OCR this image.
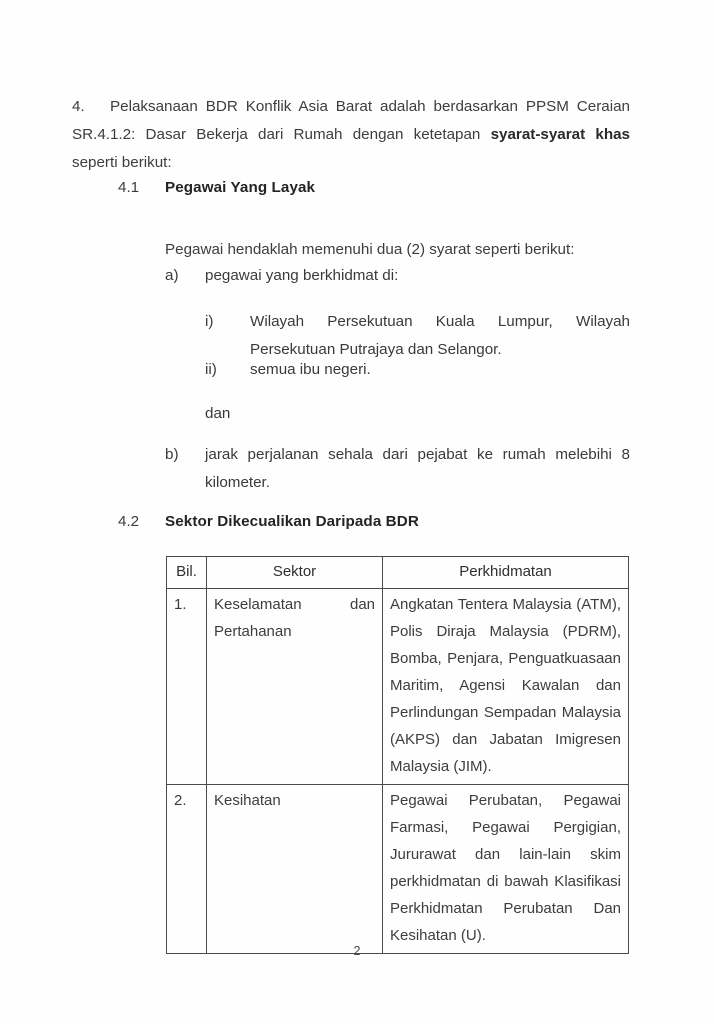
4. Pelaksanaan BDR Konflik Asia Barat adalah berdasarkan PPSM Ceraian SR.4.1.2: Dasar Bekerja dari Rumah dengan ketetapan syarat-syarat khas seperti berikut:

4.1	Pegawai Yang Layak

Pegawai hendaklah memenuhi dua (2) syarat seperti berikut:

a)	pegawai yang berkhidmat di:
i)	Wilayah Persekutuan Kuala Lumpur, Wilayah Persekutuan Putrajaya dan Selangor.
ii)	semua ibu negeri.
dan
b)	jarak perjalanan sehala dari pejabat ke rumah melebihi 8 kilometer.
4.2	Sektor Dikecualikan Daripada BDR
Bil.	Sektor	Perkhidmatan
1.	Keselamatan dan Pertahanan	Angkatan Tentera Malaysia (ATM), Polis Diraja Malaysia (PDRM), Bomba, Penjara, Penguatkuasaan Maritim, Agensi Kawalan dan Perlindungan Sempadan Malaysia (AKPS) dan Jabatan Imigresen Malaysia (JIM).
2.	Kesihatan	Pegawai Perubatan, Pegawai Farmasi, Pegawai Pergigian, Jururawat dan lain-lain skim perkhidmatan di bawah Klasifikasi Perkhidmatan Perubatan Dan Kesihatan (U).
2
